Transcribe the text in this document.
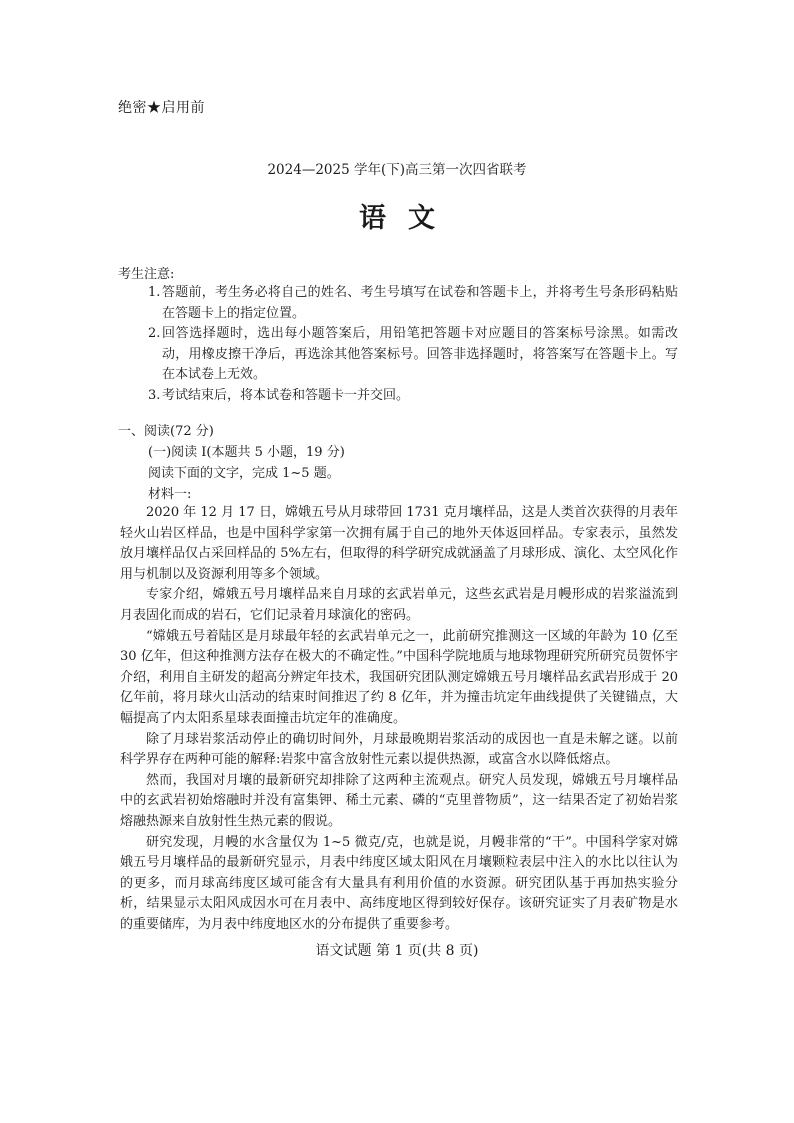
绝密★启用前
2024—2025 学年(下)高三第一次四省联考
语文
考生注意:
1. 答题前，考生务必将自己的姓名、考生号填写在试卷和答题卡上，并将考生号条形码粘贴在答题卡上的指定位置。
2. 回答选择题时，选出每小题答案后，用铅笔把答题卡对应题目的答案标号涂黑。如需改动，用橡皮擦干净后，再选涂其他答案标号。回答非选择题时，将答案写在答题卡上。写在本试卷上无效。
3. 考试结束后，将本试卷和答题卡一并交回。
一、阅读(72 分)
(一)阅读 I(本题共 5 小题，19 分)
阅读下面的文字，完成 1~5 题。
材料一:

2020 年 12 月 17 日，嫦娥五号从月球带回 1731 克月壤样品，这是人类首次获得的月表年轻火山岩区样品，也是中国科学家第一次拥有属于自己的地外天体返回样品。专家表示，虽然发放月壤样品仅占采回样品的 5%左右，但取得的科学研究成就涵盖了月球形成、演化、太空风化作用与机制以及资源利用等多个领域。

专家介绍，嫦娥五号月壤样品来自月球的玄武岩单元，这些玄武岩是月幔形成的岩浆溢流到月表固化而成的岩石，它们记录着月球演化的密码。

“嫦娥五号着陆区是月球最年轻的玄武岩单元之一，此前研究推测这一区域的年龄为 10 亿至 30 亿年，但这种推测方法存在极大的不确定性。”中国科学院地质与地球物理研究所研究员贺怀宇介绍，利用自主研发的超高分辨定年技术，我国研究团队测定嫦娥五号月壤样品玄武岩形成于 20 亿年前，将月球火山活动的结束时间推迟了约 8 亿年，并为撞击坑定年曲线提供了关键锚点，大幅提高了内太阳系星球表面撞击坑定年的准确度。

除了月球岩浆活动停止的确切时间外，月球最晚期岩浆活动的成因也一直是未解之谜。以前科学界存在两种可能的解释:岩浆中富含放射性元素以提供热源，或富含水以降低熔点。

然而，我国对月壤的最新研究却排除了这两种主流观点。研究人员发现，嫦娥五号月壤样品中的玄武岩初始熔融时并没有富集钾、稀土元素、磷的“克里普物质”，这一结果否定了初始岩浆熔融热源来自放射性生热元素的假说。

研究发现，月幔的水含量仅为 1~5 微克/克，也就是说，月幔非常的“干”。中国科学家对嫦娥五号月壤样品的最新研究显示，月表中纬度区域太阳风在月壤颗粒表层中注入的水比以往认为的更多，而月球高纬度区域可能含有大量具有利用价值的水资源。研究团队基于再加热实验分析，结果显示太阳风成因水可在月表中、高纬度地区得到较好保存。该研究证实了月表矿物是水的重要储库，为月表中纬度地区水的分布提供了重要参考。

语文试题 第 1 页(共 8 页)
